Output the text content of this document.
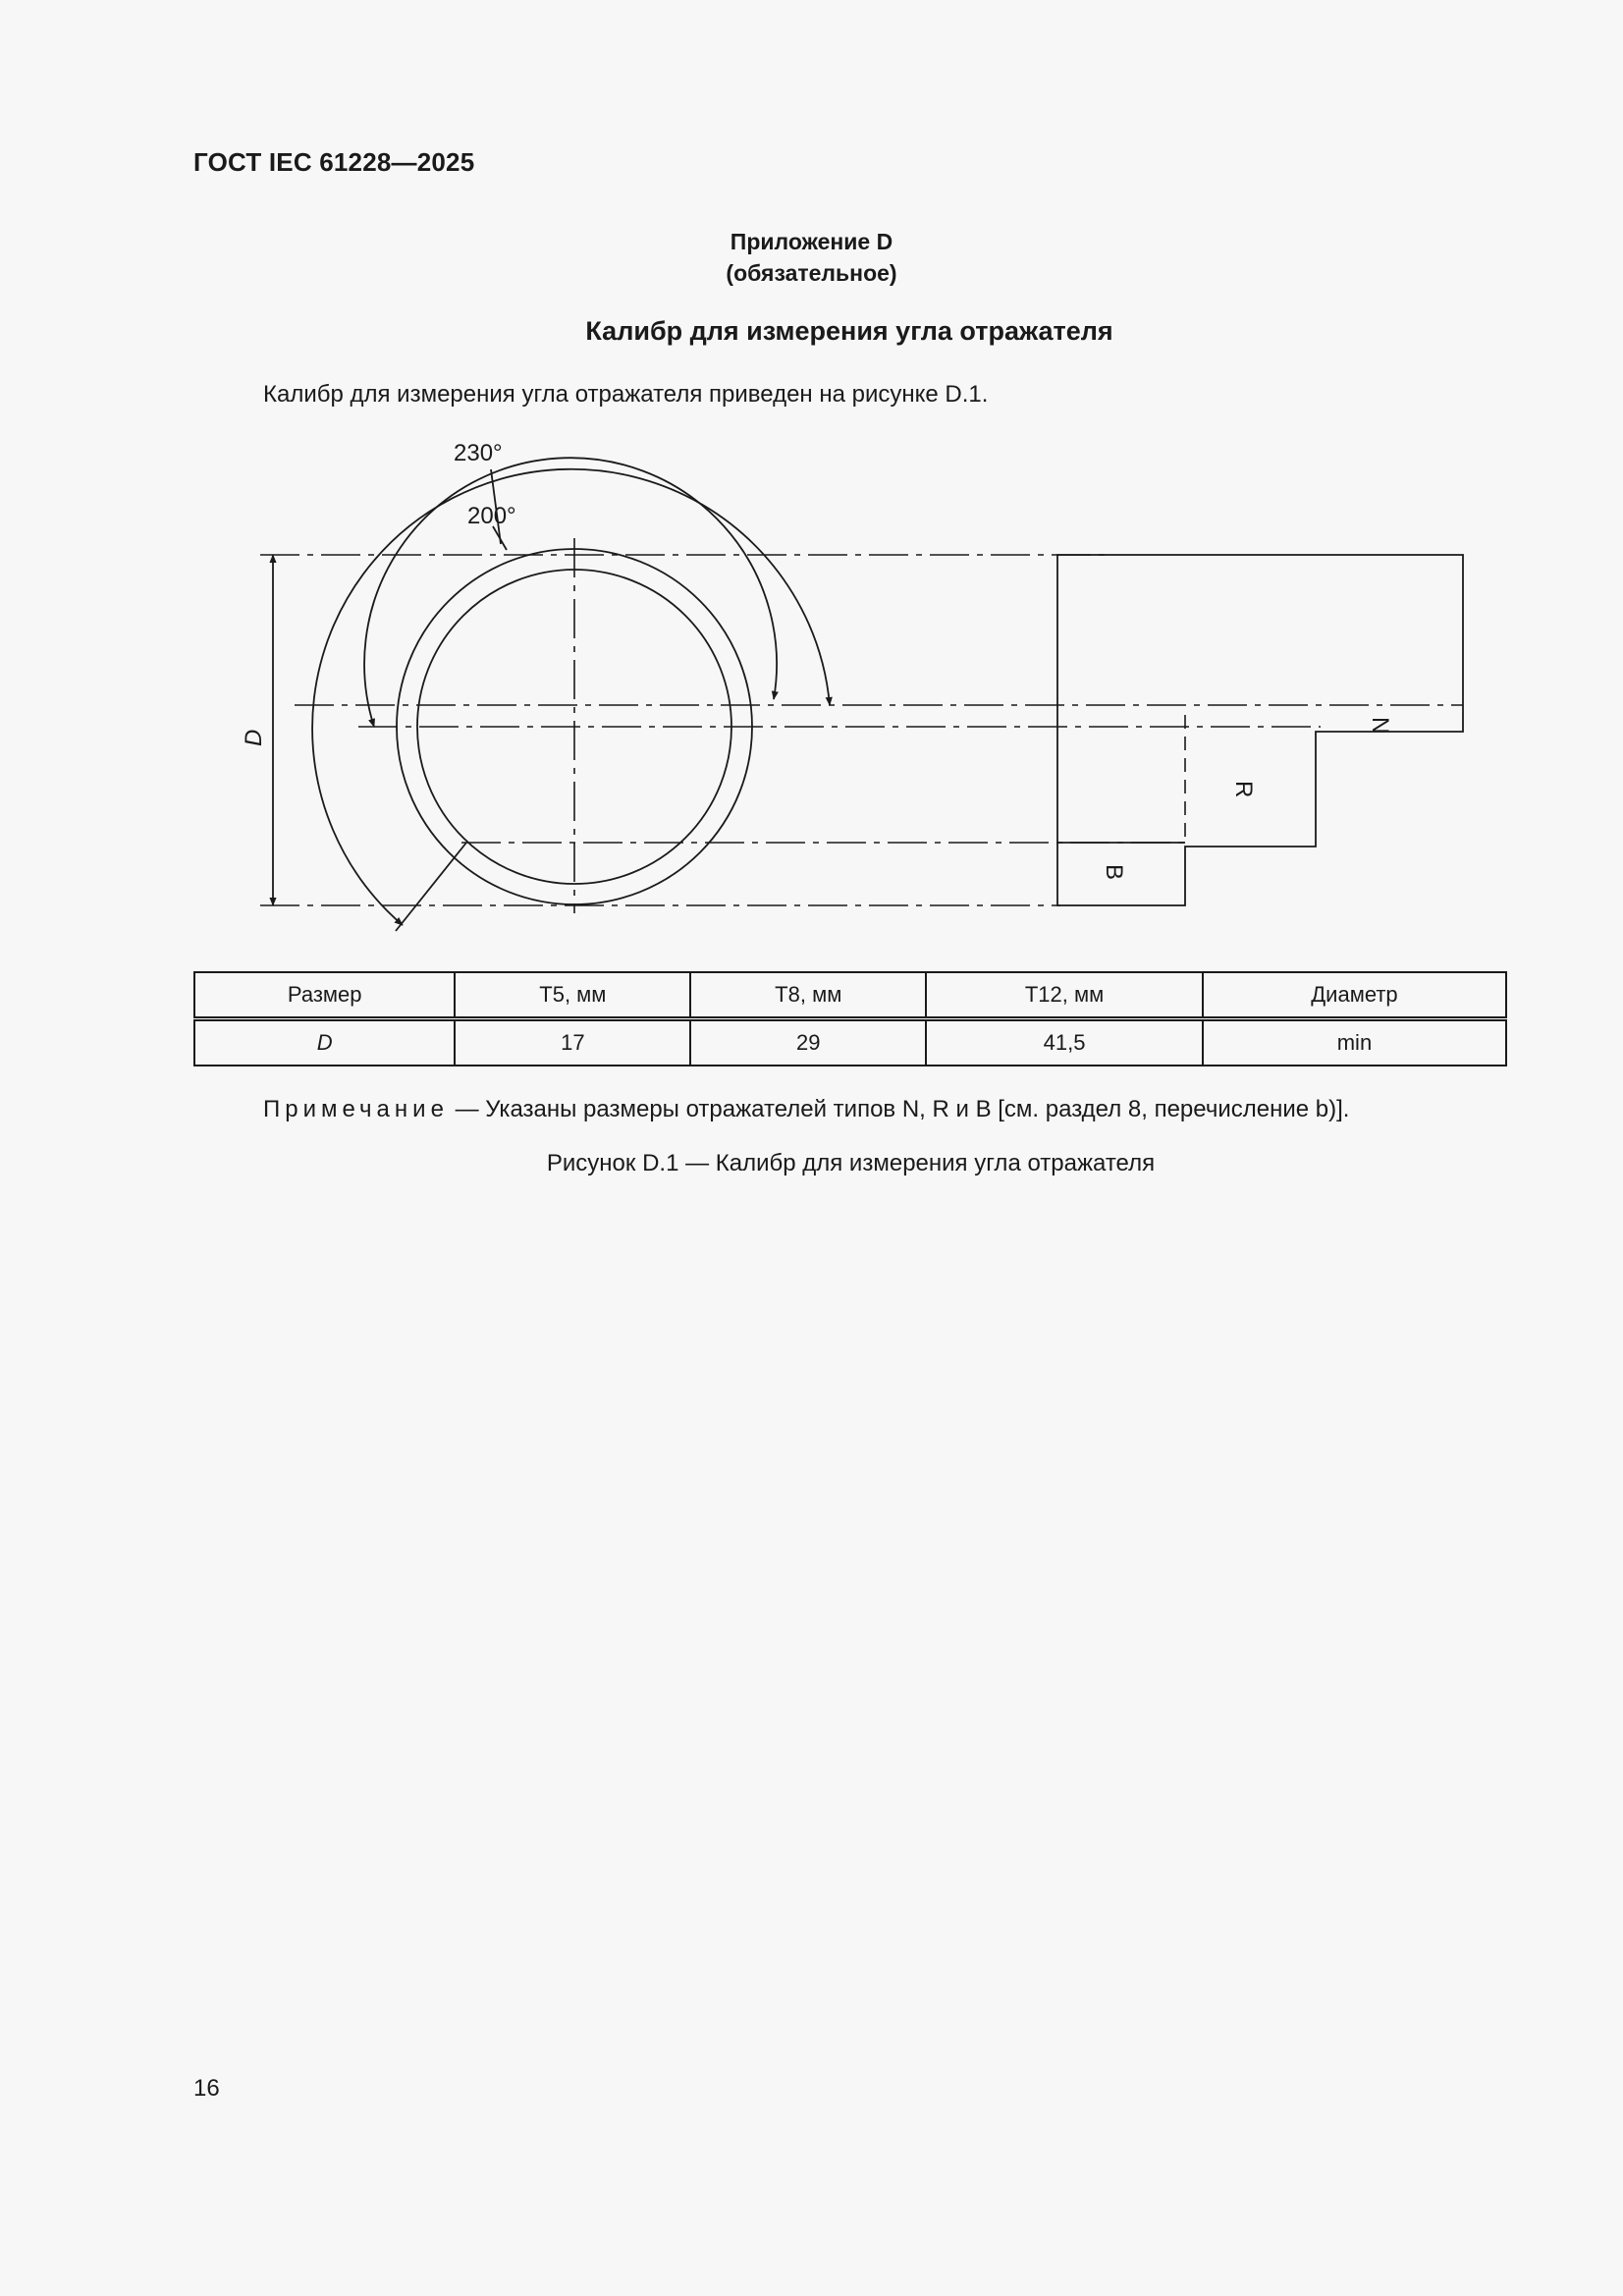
ГОСТ IEC 61228—2025
Приложение D
(обязательное)
Калибр для измерения угла отражателя
Калибр для измерения угла отражателя приведен на рисунке D.1.
230°
200°
D
N
R
B
Размер	Т5, мм	Т8, мм	Т12, мм	Диаметр
D	17	29	41,5	min
Примечание — Указаны размеры отражателей типов N, R и B [см. раздел 8, перечисление b)].
Рисунок D.1 — Калибр для измерения угла отражателя
16
